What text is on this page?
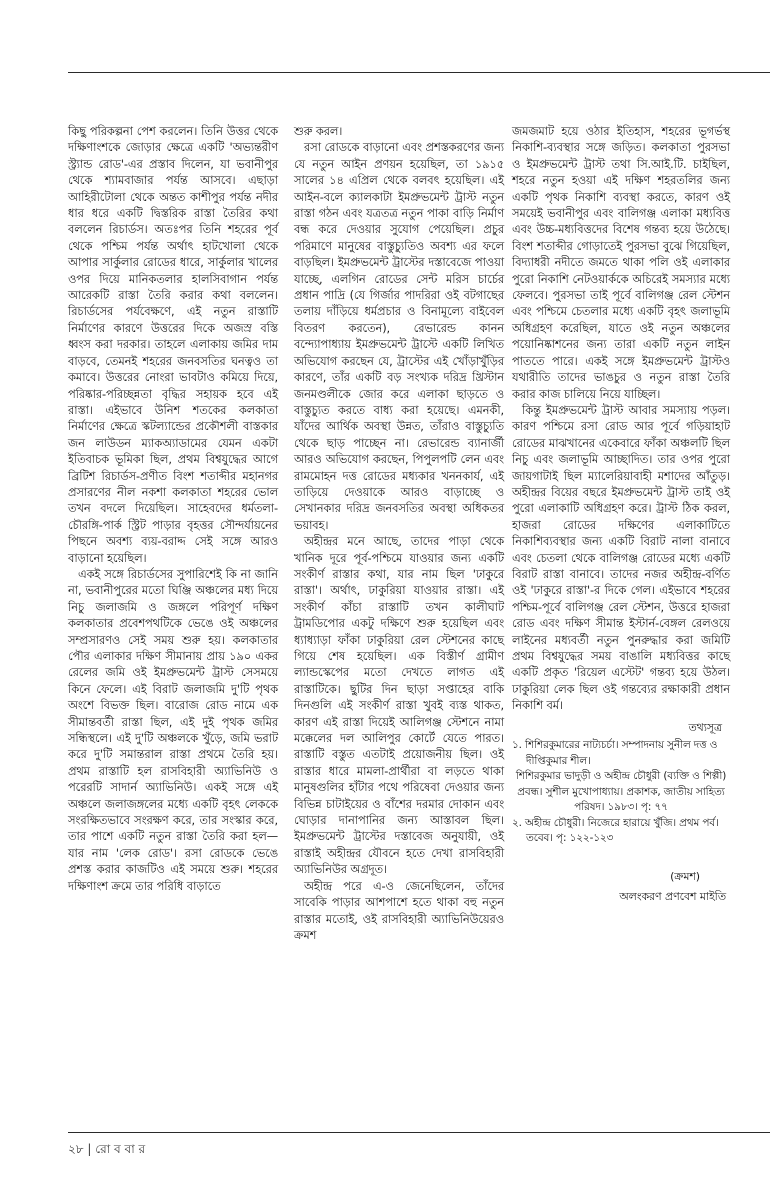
কিছু পরিকল্পনা পেশ করলেন। তিনি উত্তর থেকে দক্ষিণাংশকে জোড়ার ক্ষেত্রে একটি 'অভ্যন্তরীণ স্ট্র্যান্ড রোড'-এর প্রস্তাব দিলেন, যা ভবানীপুর থেকে শ্যামবাজার পর্যন্ত আসবে। এছাড়া আহিরীটোলা থেকে অন্তত কাশীপুর পর্যন্ত নদীর ধার ধরে একটি দ্বিস্তরিক রাস্তা তৈরির কথা বললেন রিচার্ডস। অতঃপর তিনি শহরের পূর্ব থেকে পশ্চিম পর্যন্ত অর্থাৎ হাটখোলা থেকে আপার সার্কুলার রোডের ধারে, সার্কুলার খালের ওপর দিয়ে মানিকতলার হালসিবাগান পর্যন্ত আরেকটি রাস্তা তৈরি করার কথা বললেন। রিচার্ডসের পর্যবেক্ষণে, এই নতুন রাস্তাটি নির্মাণের কারণে উত্তরের দিকে অজস্র বস্তি ধ্বংস করা দরকার। তাহলে এলাকায় জমির দাম বাড়বে, তেমনই শহরের জনবসতির ঘনত্বও তা কমাবে। উত্তরের নোংরা ভাবটাও কমিয়ে দিয়ে, পরিষ্কার-পরিচ্ছন্নতা বৃদ্ধির সহায়ক হবে এই রাস্তা। এইভাবে উনিশ শতকের কলকাতা নির্মাণের ক্ষেত্রে স্কটল্যান্ডের প্রকৌশলী বাস্তকার জন লাউডন ম্যাকঅ্যাডামের যেমন একটা ইতিবাচক ভূমিকা ছিল, প্রথম বিশ্বযুদ্ধের আগে ব্রিটিশ রিচার্ডস-প্রণীত বিংশ শতাব্দীর মহানগর প্রসারণের নীল নকশা কলকাতা শহরের ভোল তখন বদলে দিয়েছিল। সাহেবদের ধর্মতলা-চৌরঙ্গি-পার্ক স্ট্রিট পাড়ার বৃহত্তর সৌন্দর্যায়নের পিছনে অবশ্য ব্যয়-বরাদ্দ সেই সঙ্গে আরও বাড়ানো হয়েছিল।

একই সঙ্গে রিচার্ডসের সুপারিশেই কি না জানি না, ভবানীপুরের মতো ঘিঞ্জি অঞ্চলের মধ্য দিয়ে নিচু জলাজমি ও জঙ্গলে পরিপূর্ণ দক্ষিণ কলকাতার প্রবেশপথটিকে ভেঙে ওই অঞ্চলের সম্প্রসারণও সেই সময় শুরু হয়। কলকাতার পৌর এলাকার দক্ষিণ সীমানায় প্রায় ১৯০ একর রেলের জমি ওই ইমপ্রুভমেন্ট ট্রাস্ট সেসময়ে কিনে ফেলে। এই বিরাট জলাজমি দু'টি পৃথক অংশে বিভক্ত ছিল। বারোজ রোড নামে এক সীমান্তবর্তী রাস্তা ছিল, এই দুই পৃথক জমির সন্ধিস্থলে। এই দু'টি অঞ্চলকে খুঁড়ে, জমি ভরাট করে দু'টি সমান্তরাল রাস্তা প্রথমে তৈরি হয়। প্রথম রাস্তাটি হল রাসবিহারী অ্যাভিনিউ ও পরেরটি সাদার্ন অ্যাভিনিউ। একই সঙ্গে এই অঞ্চলে জলাজঙ্গলের মধ্যে একটি বৃহৎ লেককে সংরক্ষিতভাবে সংরক্ষণ করে, তার সংস্কার করে, তার পাশে একটি নতুন রাস্তা তৈরি করা হল— যার নাম 'লেক রোড'। রসা রোডকে ভেঙে প্রশস্ত করার কাজটিও এই সময়ে শুরু। শহরের দক্ষিণাংশ ক্রমে তার পরিধি বাড়াতে

শুরু করল।

রসা রোডকে বাড়ানো এবং প্রশস্তকরণের জন্য যে নতুন আইন প্রণয়ন হয়েছিল, তা ১৯১৫ সালের ১৪ এপ্রিল থেকে বলবৎ হয়েছিল। এই আইন-বলে ক্যালকাটা ইমপ্রুভমেন্ট ট্রাস্ট নতুন রাস্তা গঠন এবং যত্রতত্র নতুন পাকা বাড়ি নির্মাণ বন্ধ করে দেওয়ার সুযোগ পেয়েছিল। প্রচুর পরিমাণে মানুষের বাস্তুচ্যুতিও অবশ্য এর ফলে বাড়ছিল। ইমপ্রুভমেন্ট ট্রাস্টের দস্তাবেজে পাওয়া যাচ্ছে, এলগিন রোডের সেন্ট মরিস চার্চের প্রধান পাদ্রি (যে গির্জার পাদরিরা ওই বটগাছের তলায় দাঁড়িয়ে ধর্মপ্রচার ও বিনামূল্যে বাইবেল বিতরণ করতেন), রেভারেন্ড কানন বন্দ্যোপাধ্যায় ইমপ্রুভমেন্ট ট্রাস্টে একটি লিখিত অভিযোগ করছেন যে, ট্রাস্টের এই খোঁড়াখুঁড়ির কারণে, তাঁর একটি বড় সংখ্যক দরিদ্র খ্রিস্টান জনমণ্ডলীকে জোর করে এলাকা ছাড়তে ও বাস্তুচ্যুত করতে বাধ্য করা হয়েছে। এমনকী, যাঁদের আর্থিক অবস্থা উন্নত, তাঁরাও বাস্তুচ্যুতি থেকে ছাড় পাচ্ছেন না। রেভারেন্ড ব্যানার্জী আরও অভিযোগ করছেন, পিপুলপটি লেন এবং রামমোহন দত্ত রোডের মধ্যকার খননকার্য, এই তাড়িয়ে দেওয়াকে আরও বাড়াচ্ছে ও সেখানকার দরিদ্র জনবসতির অবস্থা অধিকতর ভয়াবহ।

অহীন্দ্রর মনে আছে, তাদের পাড়া থেকে খানিক দূরে পূর্ব-পশ্চিমে যাওয়ার জন্য একটি সংকীর্ণ রাস্তার কথা, যার নাম ছিল 'ঢাকুরে রাস্তা'। অর্থাৎ, ঢাকুরিয়া যাওয়ার রাস্তা। এই সংকীর্ণ কাঁচা রাস্তাটি তখন কালীঘাট ট্রামডিপোর একটু দক্ষিণে শুরু হয়েছিল এবং ধ্যাধ্যাড়া ফাঁকা ঢাকুরিয়া রেল স্টেশনের কাছে গিয়ে শেষ হয়েছিল। এক বিস্তীর্ণ গ্রামীণ ল্যান্ডস্কেপের মতো দেখতে লাগত এই রাস্তাটিকে। ছুটির দিন ছাড়া সপ্তাহের বাকি দিনগুলি এই সংকীর্ণ রাস্তা খুবই ব্যস্ত থাকত, কারণ এই রাস্তা দিয়েই আলিগঞ্জ স্টেশনে নামা মক্কেলের দল আলিপুর কোর্টে যেতে পারত। রাস্তাটি বস্তুত এতটাই প্রয়োজনীয় ছিল। ওই রাস্তার ধারে মামলা-প্রার্থীরা বা লড়তে থাকা মানুষগুলির হাঁটার পথে পরিষেবা দেওয়ার জন্য বিভিন্ন চাটাইয়ের ও বাঁশের দরমার দোকান এবং ঘোড়ার দানাপানির জন্য আস্তাবল ছিল। ইমপ্রুভমেন্ট ট্রাস্টের দস্তাবেজ অনুযায়ী, ওই রাস্তাই অহীন্দ্রর যৌবনে হতে দেখা রাসবিহারী অ্যাভিনিউর অগ্রদূত।

অহীন্দ্র পরে এ-ও জেনেছিলেন, তাঁদের সাবেকি পাড়ার আশপাশে হতে থাকা বহু নতুন রাস্তার মতোই, ওই রাসবিহারী অ্যাভিনিউয়েরও ক্রমশ

জমজমাট হয়ে ওঠার ইতিহাস, শহরের ভূগর্ভস্থ নিকাশি-ব্যবস্থার সঙ্গে জড়িত। কলকাতা পুরসভা ও ইমপ্রুভমেন্ট ট্রাস্ট তথা সি.আই.টি. চাইছিল, শহরে নতুন হওয়া এই দক্ষিণ শহরতলির জন্য একটি পৃথক নিকাশি ব্যবস্থা করতে, কারণ ওই সময়েই ভবানীপুর এবং বালিগঞ্জ এলাকা মধ্যবিত্ত এবং উচ্চ-মধ্যবিত্তদের বিশেষ গন্তব্য হয়ে উঠেছে। বিংশ শতাব্দীর গোড়াতেই পুরসভা বুঝে গিয়েছিল, বিদ্যাধরী নদীতে জমতে থাকা পলি ওই এলাকার পুরো নিকাশি নেটওয়ার্ককে অচিরেই সমস্যার মধ্যে ফেলবে। পুরসভা তাই পূর্বে বালিগঞ্জ রেল স্টেশন এবং পশ্চিমে চেতলার মধ্যে একটি বৃহৎ জলাভূমি অধিগ্রহণ করেছিল, যাতে ওই নতুন অঞ্চলের পয়োনিষ্কাশনের জন্য তারা একটি নতুন লাইন পাততে পারে। একই সঙ্গে ইমপ্রুভমেন্ট ট্রাস্টও যথারীতি তাদের ভাঙচুর ও নতুন রাস্তা তৈরি করার কাজ চালিয়ে নিয়ে যাচ্ছিল।

কিন্তু ইমপ্রুভমেন্ট ট্রাস্ট আবার সমস্যায় পড়ল। কারণ পশ্চিমে রসা রোড আর পূর্বে গড়িয়াহাট রোডের মাঝখানের একেবারে ফাঁকা অঞ্চলটি ছিল নিচু এবং জলাভূমি আচ্ছাদিত। তার ওপর পুরো জায়গাটাই ছিল ম্যালেরিয়াবাহী মশাদের আঁতুড়। অহীন্দ্রর বিয়ের বছরে ইমপ্রুভমেন্ট ট্রাস্ট তাই ওই পুরো এলাকাটি অধিগ্রহণ করে। ট্রাস্ট ঠিক করল, হাজরা রোডের দক্ষিণের এলাকাটিতে নিকাশিব্যবস্থার জন্য একটি বিরাট নালা বানাবে এবং চেতলা থেকে বালিগঞ্জ রোডের মধ্যে একটি বিরাট রাস্তা বানাবে। তাদের নজর অহীন্দ্র-বর্ণিত ওই 'ঢাকুরে রাস্তা'-র দিকে গেল। এইভাবে শহরের পশ্চিম-পূর্বে বালিগঞ্জ রেল স্টেশন, উত্তরে হাজরা রোড এবং দক্ষিণ সীমান্ত ইস্টার্ন-বেঙ্গল রেলওয়ে লাইনের মধ্যবর্তী নতুন পুনরুদ্ধার করা জমিটি প্রথম বিশ্বযুদ্ধের সময় বাঙালি মধ্যবিত্তর কাছে একটি প্রকৃত 'রিয়েল এস্টেট' গন্তব্য হয়ে উঠল। ঢাকুরিয়া লেক ছিল ওই গন্তব্যের রক্ষাকারী প্রধান নিকাশি বর্ম।

তথ্যসূত্র

১. শিশিরকুমারের নাট্যচর্চা। সম্পাদনায় সুনীল দত্ত ও দীপ্তিকুমার শীল।

শিশিরকুমার ভাদুড়ী ও অহীন্দ্র চৌধুরী (ব্যক্তি ও শিল্পী) প্রবন্ধ। সুশীল মুখোপাধ্যায়। প্রকাশক, জাতীয় সাহিত্য পরিষদ। ১৯৮৩। পৃ: ৭৭

২. অহীন্দ্র চৌধুরী। নিজেরে হারায়ে খুঁজি। প্রথম পর্ব। তবেব। পৃ: ১২২-১২৩

(ক্রমশ)
অলংকরণ প্রণবেশ মাইতি
২৮ | রো ব বা র
